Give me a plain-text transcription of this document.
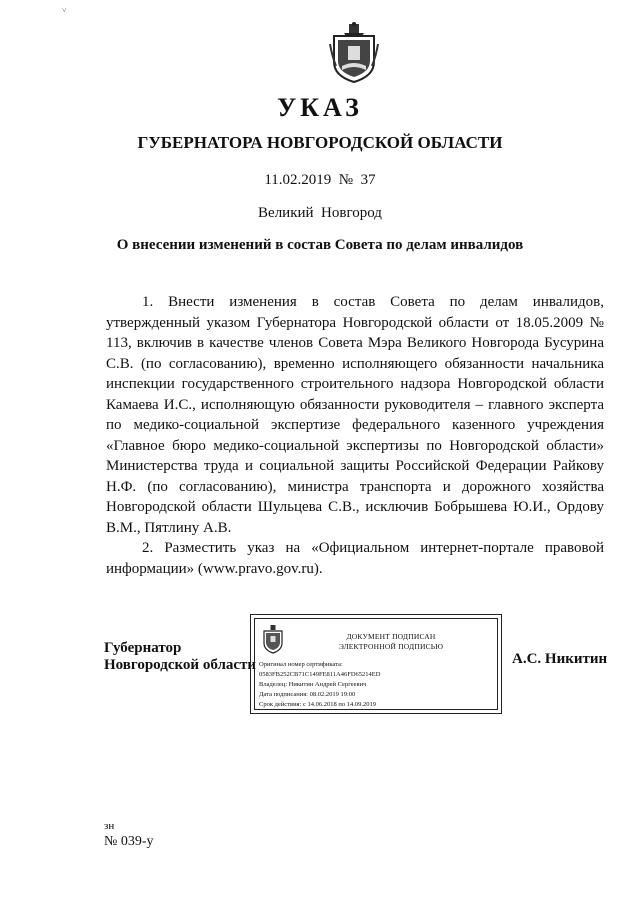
˅
УКАЗ
ГУБЕРНАТОРА НОВГОРОДСКОЙ ОБЛАСТИ
11.02.2019  №  37
Великий  Новгород
О внесении изменений в состав Совета по делам инвалидов

1. Внести изменения в состав Совета по делам инвалидов, утвержденный указом Губернатора Новгородской области от 18.05.2009 № 113, включив в качестве членов Совета Мэра Великого Новгорода Бусурина С.В. (по согласованию), временно исполняющего обязанности начальника инспекции государственного строительного надзора Новгородской области Камаева И.С., исполняющую обязанности руководителя – главного эксперта по медико-социальной экспертизе федерального казенного учреждения «Главное бюро медико-социальной экспертизы по Новгородской области» Министерства труда и социальной защиты Российской Федерации Райкову Н.Ф. (по согласованию), министра транспорта и дорожного хозяйства Новгородской области Шульцева С.В., исключив Бобрышева Ю.И., Ордову В.М., Пятлину А.В.

2. Разместить указ на «Официальном интернет-портале правовой информации» (www.pravo.gov.ru).

Губернатор
Новгородской области
ДОКУМЕНТ ПОДПИСАН
ЭЛЕКТРОННОЙ ПОДПИСЬЮ
Оригинал номер сертификата:
0583FB252CB71C149FE811A46FD65214ED
Владелец: Никитин Андрей Сергеевич
Дата подписания: 08.02.2019 19:00
Срок действия: с 14.06.2018 по 14.09.2019
А.С. Никитин
зн
№ 039-у
